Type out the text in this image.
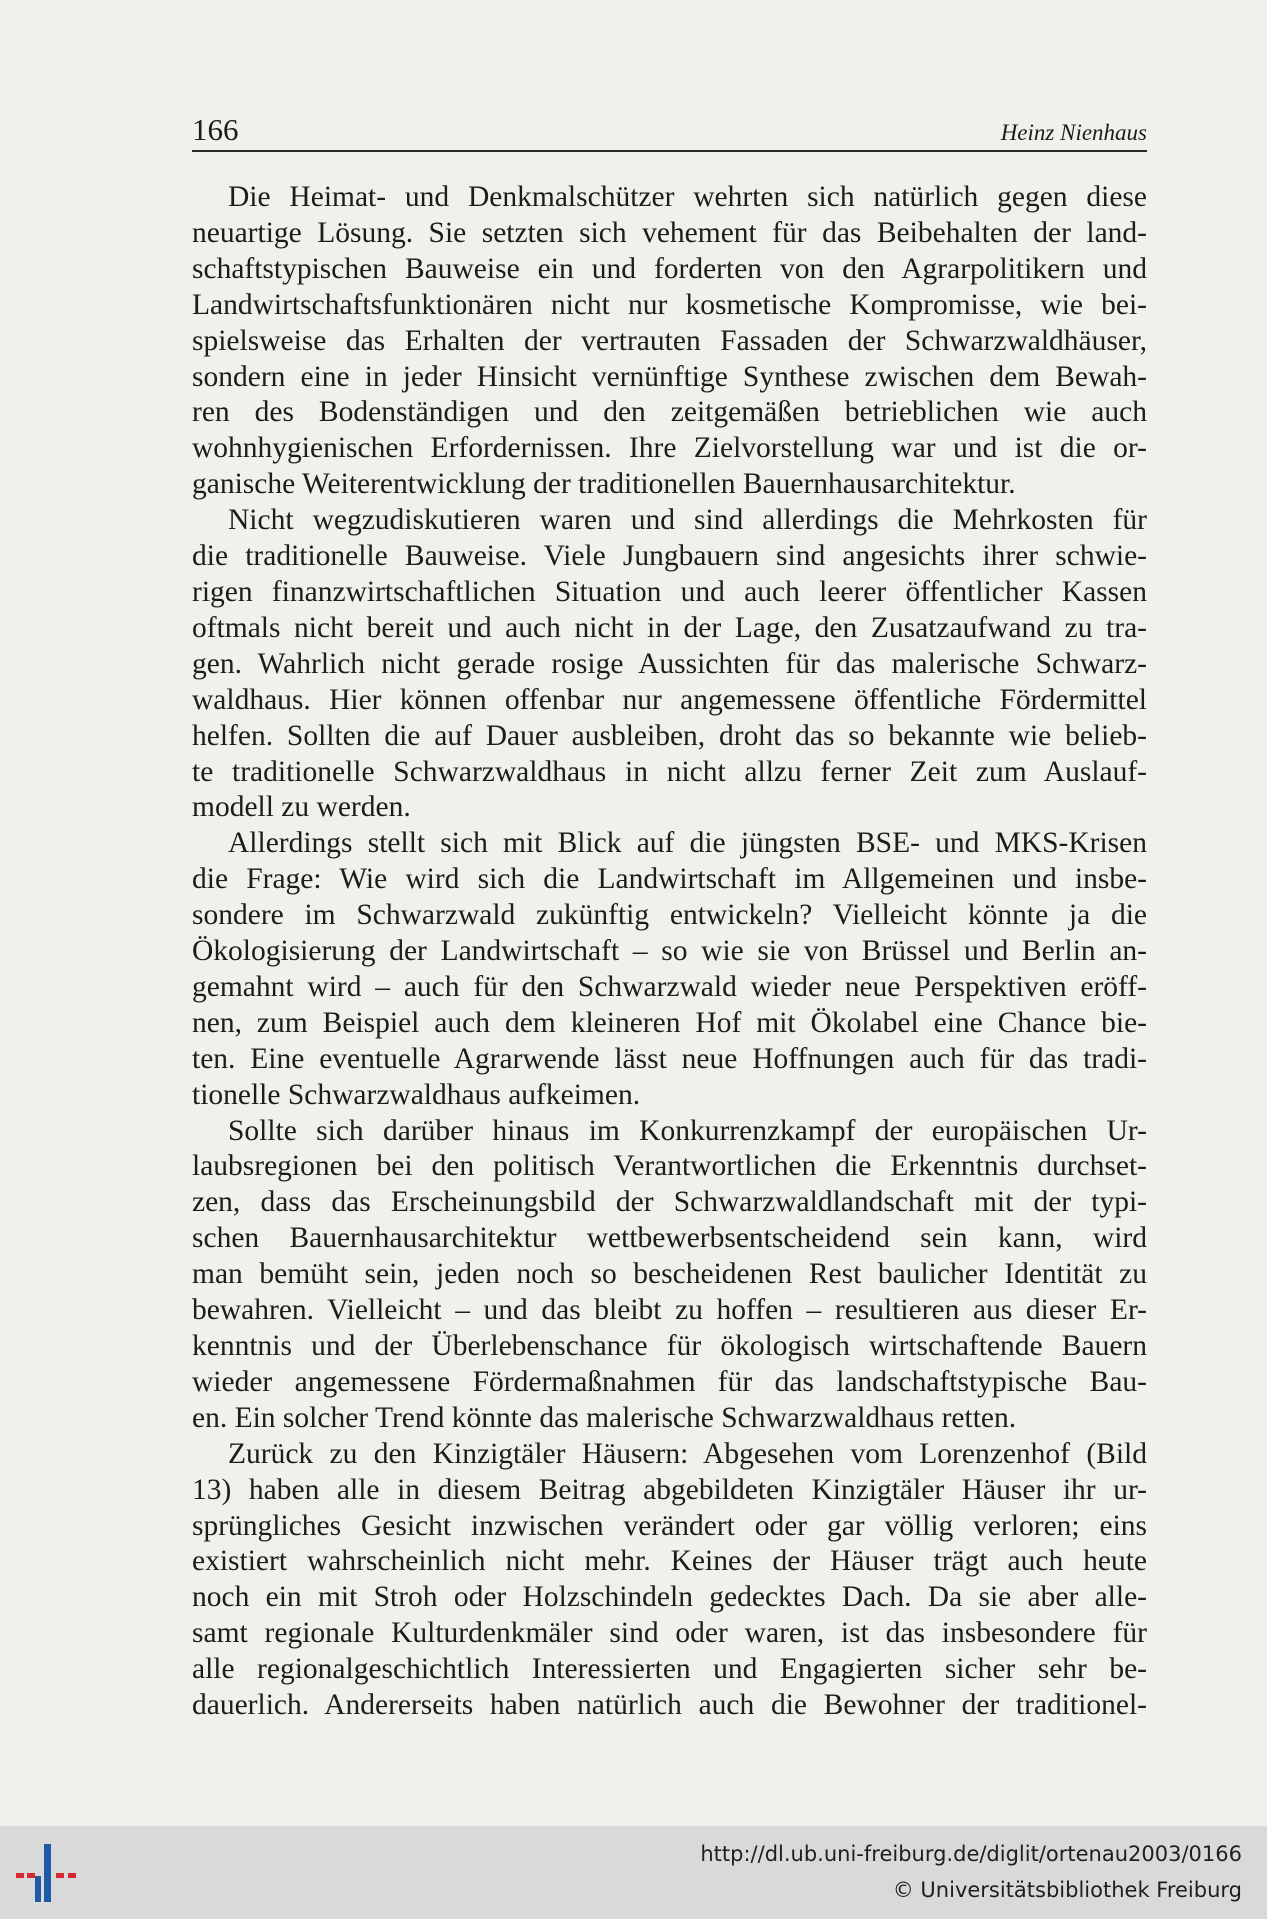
166	Heinz Nienhaus
Die Heimat- und Denkmalschützer wehrten sich natürlich gegen diese
neuartige Lösung. Sie setzten sich vehement für das Beibehalten der land-
schaftstypischen Bauweise ein und forderten von den Agrarpolitikern und
Landwirtschaftsfunktionären nicht nur kosmetische Kompromisse, wie bei-
spielsweise das Erhalten der vertrauten Fassaden der Schwarzwaldhäuser,
sondern eine in jeder Hinsicht vernünftige Synthese zwischen dem Bewah-
ren des Bodenständigen und den zeitgemäßen betrieblichen wie auch
wohnhygienischen Erfordernissen. Ihre Zielvorstellung war und ist die or-
ganische Weiterentwicklung der traditionellen Bauernhausarchitektur.
Nicht wegzudiskutieren waren und sind allerdings die Mehrkosten für
die traditionelle Bauweise. Viele Jungbauern sind angesichts ihrer schwie-
rigen finanzwirtschaftlichen Situation und auch leerer öffentlicher Kassen
oftmals nicht bereit und auch nicht in der Lage, den Zusatzaufwand zu tra-
gen. Wahrlich nicht gerade rosige Aussichten für das malerische Schwarz-
waldhaus. Hier können offenbar nur angemessene öffentliche Fördermittel
helfen. Sollten die auf Dauer ausbleiben, droht das so bekannte wie belieb-
te traditionelle Schwarzwaldhaus in nicht allzu ferner Zeit zum Auslauf-
modell zu werden.
Allerdings stellt sich mit Blick auf die jüngsten BSE- und MKS-Krisen
die Frage: Wie wird sich die Landwirtschaft im Allgemeinen und insbe-
sondere im Schwarzwald zukünftig entwickeln? Vielleicht könnte ja die
Ökologisierung der Landwirtschaft – so wie sie von Brüssel und Berlin an-
gemahnt wird – auch für den Schwarzwald wieder neue Perspektiven eröff-
nen, zum Beispiel auch dem kleineren Hof mit Ökolabel eine Chance bie-
ten. Eine eventuelle Agrarwende lässt neue Hoffnungen auch für das tradi-
tionelle Schwarzwaldhaus aufkeimen.
Sollte sich darüber hinaus im Konkurrenzkampf der europäischen Ur-
laubsregionen bei den politisch Verantwortlichen die Erkenntnis durchset-
zen, dass das Erscheinungsbild der Schwarzwaldlandschaft mit der typi-
schen Bauernhausarchitektur wettbewerbsentscheidend sein kann, wird
man bemüht sein, jeden noch so bescheidenen Rest baulicher Identität zu
bewahren. Vielleicht – und das bleibt zu hoffen – resultieren aus dieser Er-
kenntnis und der Überlebenschance für ökologisch wirtschaftende Bauern
wieder angemessene Fördermaßnahmen für das landschaftstypische Bau-
en. Ein solcher Trend könnte das malerische Schwarzwaldhaus retten.
Zurück zu den Kinzigtäler Häusern: Abgesehen vom Lorenzenhof (Bild
13) haben alle in diesem Beitrag abgebildeten Kinzigtäler Häuser ihr ur-
sprüngliches Gesicht inzwischen verändert oder gar völlig verloren; eins
existiert wahrscheinlich nicht mehr. Keines der Häuser trägt auch heute
noch ein mit Stroh oder Holzschindeln gedecktes Dach. Da sie aber alle-
samt regionale Kulturdenkmäler sind oder waren, ist das insbesondere für
alle regionalgeschichtlich Interessierten und Engagierten sicher sehr be-
dauerlich. Andererseits haben natürlich auch die Bewohner der traditionel-
http://dl.ub.uni-freiburg.de/diglit/ortenau2003/0166
© Universitätsbibliothek Freiburg
